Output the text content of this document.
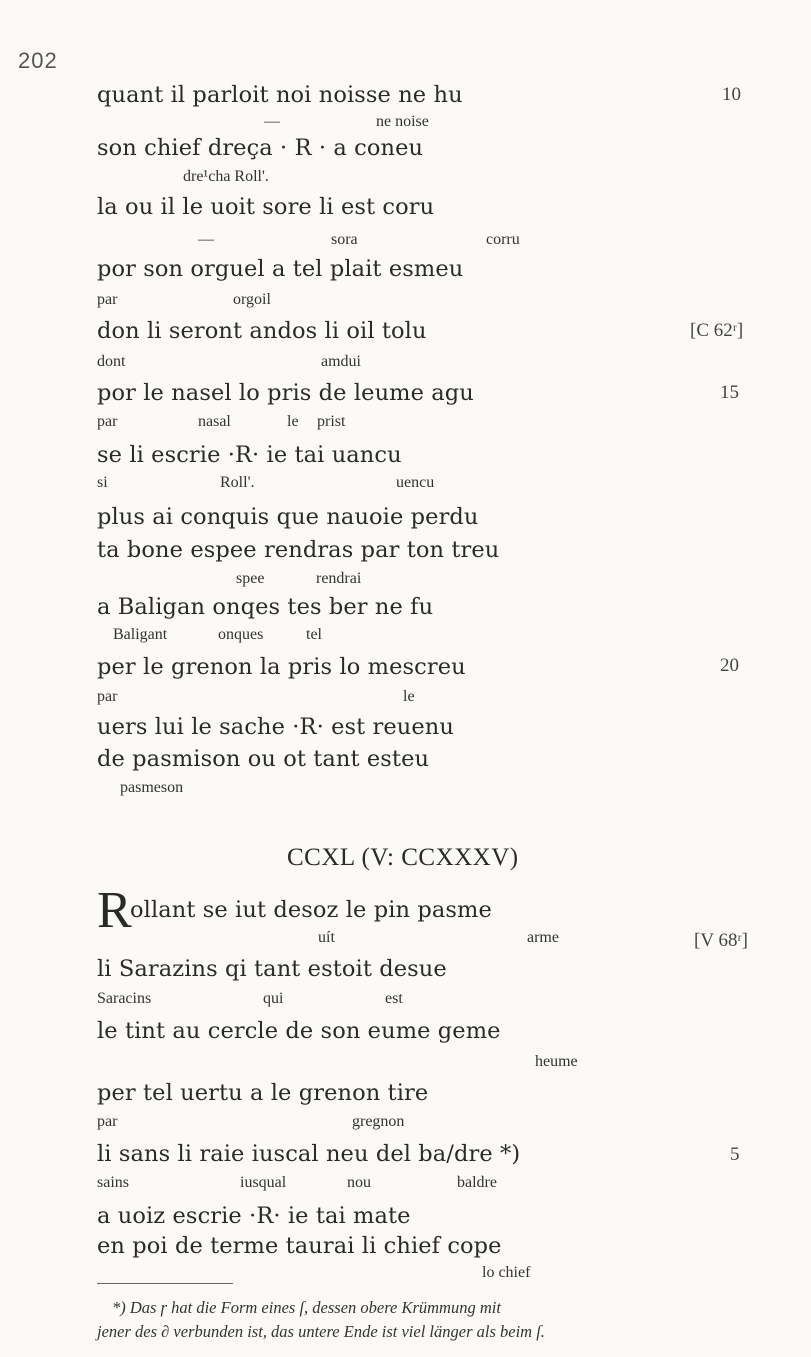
202
quant il parloit noi noisse ne hu
son chief dreça · R · a coneu
la ou il le uoit sore li est coru
por son orguel a tel plait esmeu
don li seront andos li oil tolu
por le nasel lo pris de leume agu
se li escrie ·R· ie tai uancu
plus ai conquis que nauoie perdu
ta bone espee rendras par ton treu
a Baligan onqes tes ber ne fu
per le grenon la pris lo mescreu
uers lui le sache ·R· est reuenu
de pasmison ou ot tant esteu
—	ne noise
dre¹cha Roll'.
—	sora	corru
par	orgoil
dont	amdui
par	nasal	le prist
si	Roll'.	uencu
spee	rendrai
Baligant	onques	tel
par	le
pasmeson
10
[C 62ʳ]
15
20
CCXL (V: CCXXXV)
R
ollant se iut desoz le pin pasme
li Sarazins qi tant estoit desue
le tint au cercle de son eume geme
per tel uertu a le grenon tire
li sans li raie iuscal neu del ba/dre *)
a uoiz escrie ·R· ie tai mate
en poi de terme taurai li chief cope
uít	arme
Saracins	qui	est
heume
par	gregnon
sains	iusqual	nou	baldre
lo chief
[V 68ʳ]
5
*) Das ɼ hat die Form eines ſ, dessen obere Krümmung mit
jener des ∂ verbunden ist, das untere Ende ist viel länger als beim ſ.
